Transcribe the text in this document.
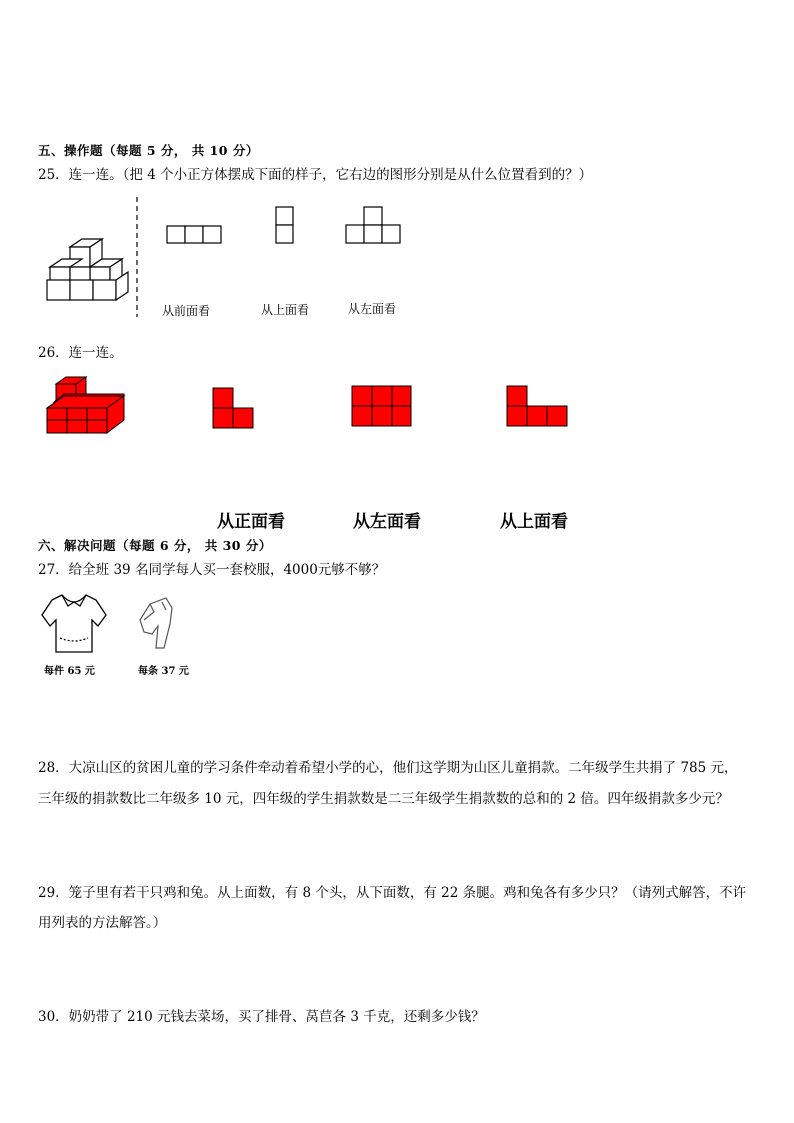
五、操作题（每题 5 分， 共 10 分）
25．连一连。（把 4 个小正方体摆成下面的样子，它右边的图形分别是从什么位置看到的？）
从前面看	从上面看	从左面看
26．连一连。
从正面看	从左面看	从上面看
六、解决问题（每题 6 分， 共 30 分）
27．给全班 39 名同学每人买一套校服，4000元够不够？
每件 65 元	每条 37 元
28．大凉山区的贫困儿童的学习条件牵动着希望小学的心，他们这学期为山区儿童捐款。二年级学生共捐了 785 元，
三年级的捐款数比二年级多 10 元，四年级的学生捐款数是二三年级学生捐款数的总和的 2 倍。四年级捐款多少元？
29．笼子里有若干只鸡和兔。从上面数，有 8 个头，从下面数，有 22 条腿。鸡和兔各有多少只？（请列式解答，不许
用列表的方法解答。）
30．奶奶带了 210 元钱去菜场，买了排骨、莴苣各 3 千克，还剩多少钱？
